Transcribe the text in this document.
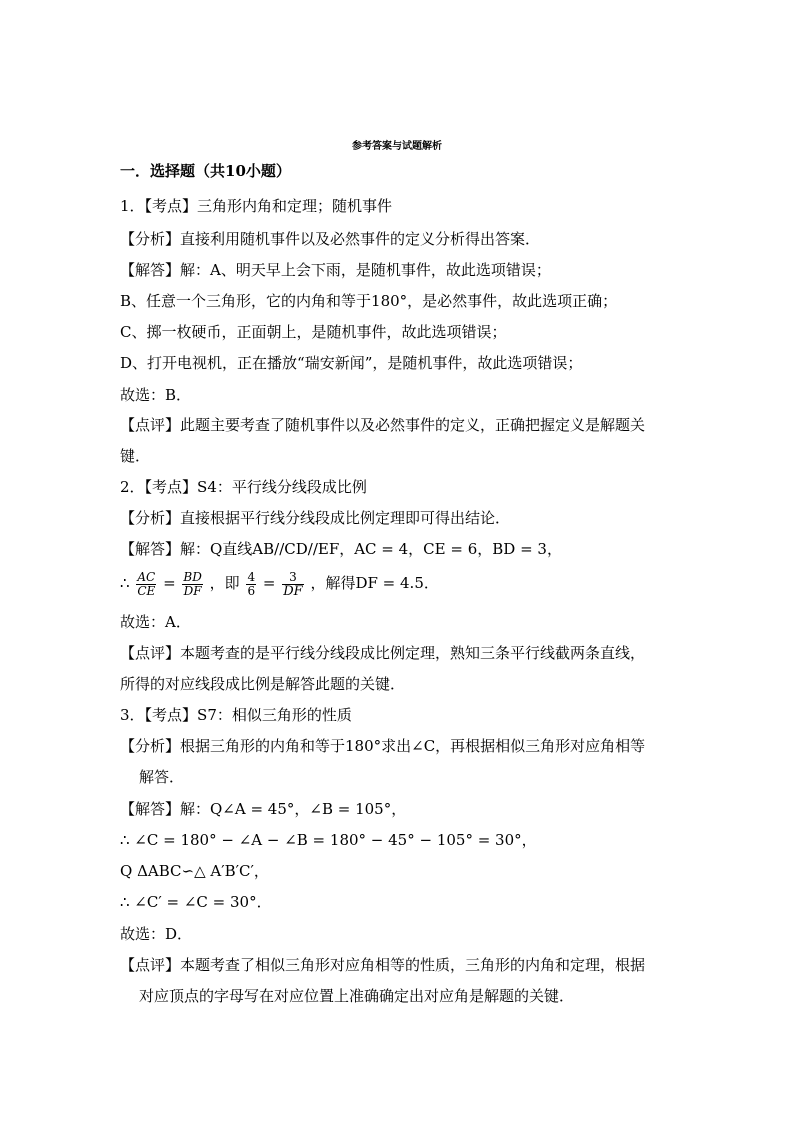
参考答案与试题解析
一．选择题（共10小题）
1．【考点】三角形内角和定理；随机事件
【分析】直接利用随机事件以及必然事件的定义分析得出答案．
【解答】解：A、明天早上会下雨，是随机事件，故此选项错误；
B、任意一个三角形，它的内角和等于180°，是必然事件，故此选项正确；
C、掷一枚硬币，正面朝上，是随机事件，故此选项错误；
D、打开电视机，正在播放“瑞安新闻”，是随机事件，故此选项错误；
故选：B．
【点评】此题主要考查了随机事件以及必然事件的定义，正确把握定义是解题关
键．
2．【考点】S4：平行线分线段成比例
【分析】直接根据平行线分线段成比例定理即可得出结论．
【解答】解：Q直线AB//CD//EF，AC = 4，CE = 6，BD = 3，
∴ $\frac{AC}{CE} = \frac{BD}{DF}$ ，即 $\frac{4}{6} = \frac{3}{DF}$ ，解得DF = 4.5．
故选：A．
【点评】本题考查的是平行线分线段成比例定理，熟知三条平行线截两条直线，
所得的对应线段成比例是解答此题的关键．
3．【考点】S7：相似三角形的性质
【分析】根据三角形的内角和等于180°求出∠C，再根据相似三角形对应角相等
解答．
【解答】解：Q∠A = 45°，∠B = 105°，
∴ ∠C = 180° − ∠A − ∠B = 180° − 45° − 105° = 30°，
Q ΔABC∽△ A′B′C′，
∴ ∠C′ = ∠C = 30°．
故选：D．
【点评】本题考查了相似三角形对应角相等的性质，三角形的内角和定理，根据
对应顶点的字母写在对应位置上准确确定出对应角是解题的关键．
